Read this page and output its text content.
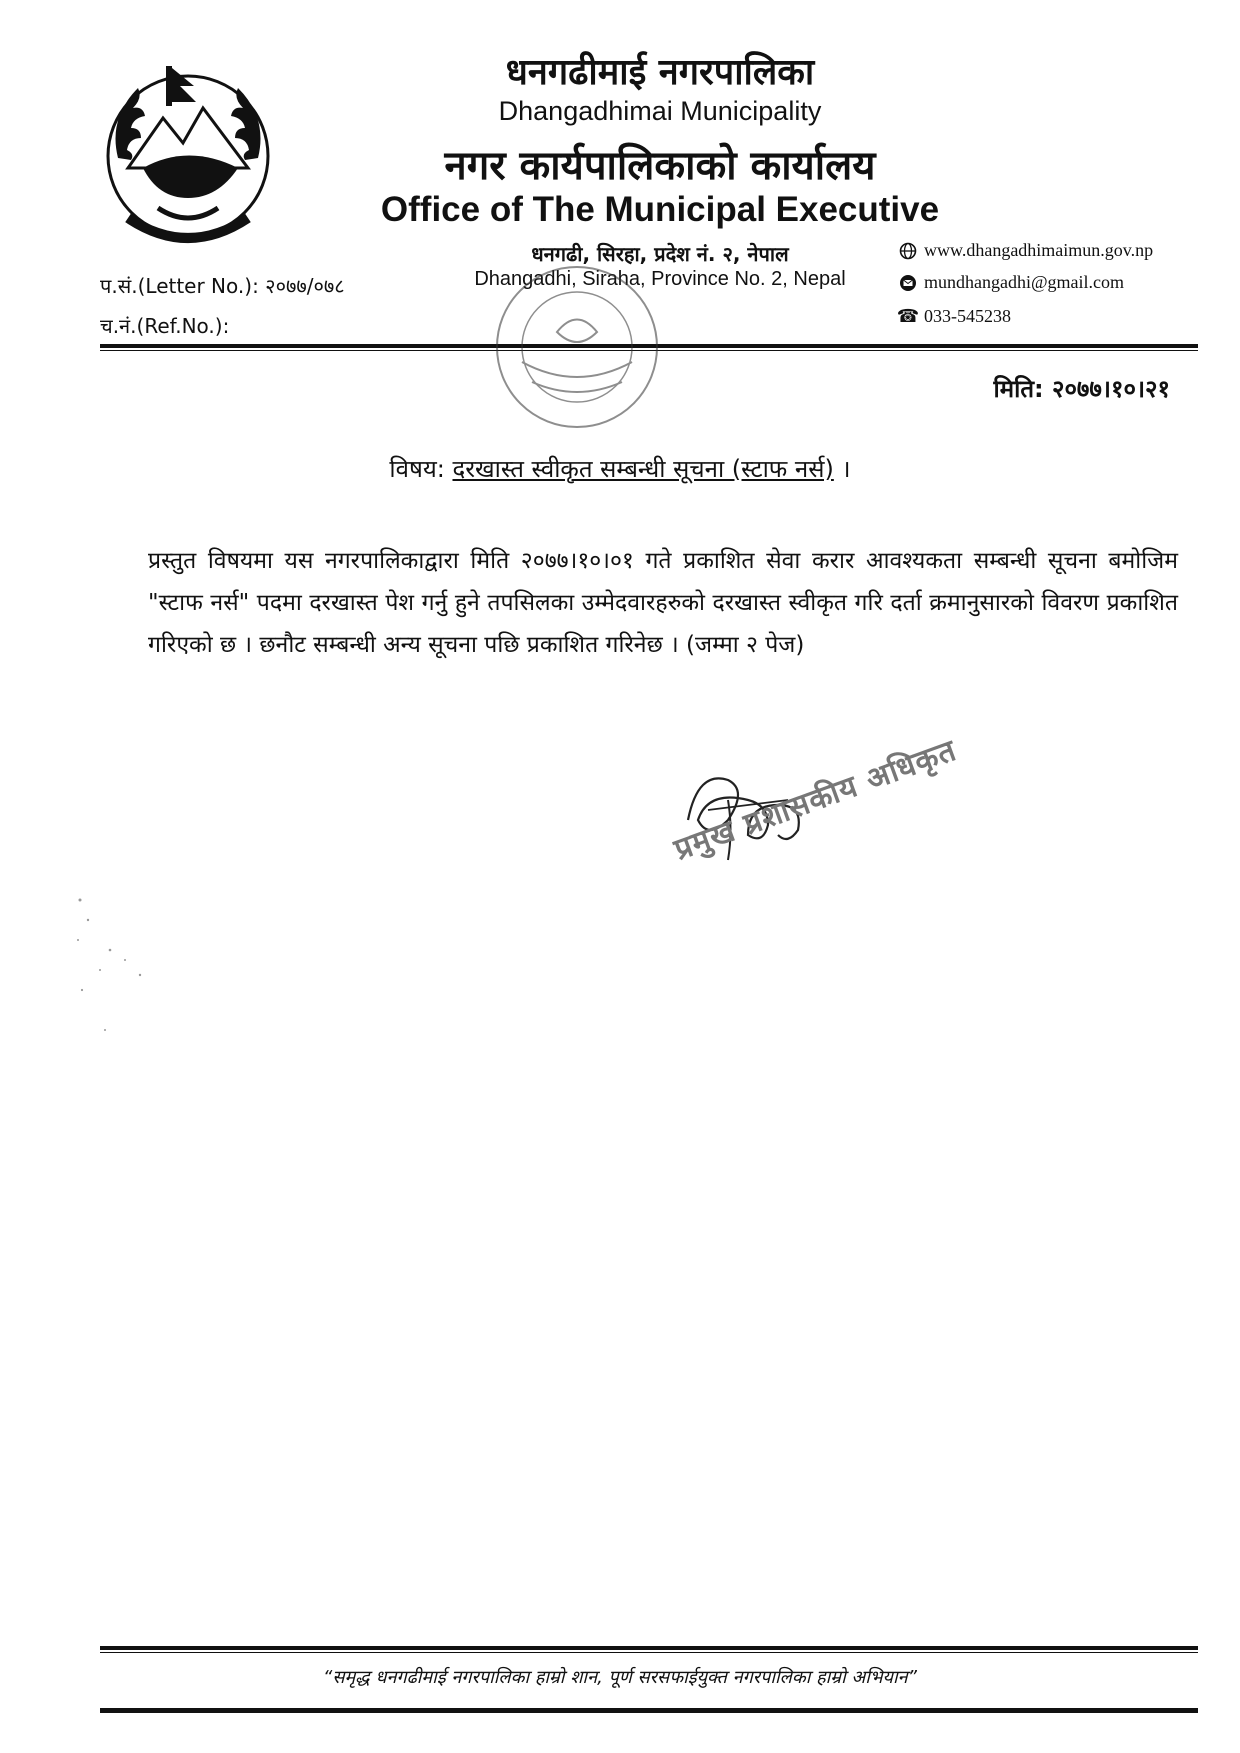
धनगढीमाई नगरपालिका
Dhangadhimai Municipality
नगर कार्यपालिकाको कार्यालय
Office of The Municipal Executive
धनगढी, सिरहा, प्रदेश नं. २, नेपाल
Dhangadhi, Siraha, Province No. 2, Nepal
प.सं.(Letter No.): २०७७/०७८
च.नं.(Ref.No.):
www.dhangadhimaimun.gov.np
mundhangadhi@gmail.com
☎ 033-545238
मिति: २०७७।१०।२१
विषय: दरखास्त स्वीकृत सम्बन्धी सूचना (स्टाफ नर्स) ।
प्रस्तुत विषयमा यस नगरपालिकाद्वारा मिति २०७७।१०।०१ गते प्रकाशित सेवा करार आवश्यकता सम्बन्धी सूचना बमोजिम "स्टाफ नर्स" पदमा दरखास्त पेश गर्नु हुने तपसिलका उम्मेदवारहरुको दरखास्त स्वीकृत गरि दर्ता क्रमानुसारको विवरण प्रकाशित गरिएको छ । छनौट सम्बन्धी अन्य सूचना पछि प्रकाशित गरिनेछ । (जम्मा २ पेज)
प्रमुख प्रशासकीय अधिकृत
“समृद्ध धनगढीमाई नगरपालिका हाम्रो शान, पूर्ण सरसफाईयुक्त नगरपालिका हाम्रो अभियान”
